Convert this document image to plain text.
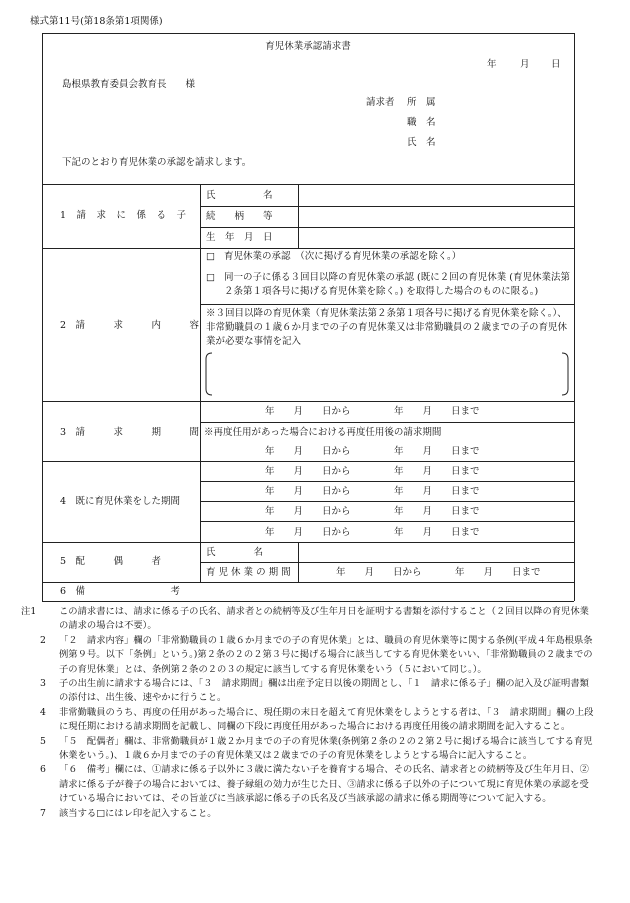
様式第11号(第18条第1項関係)
育児休業承認請求書
年 月 日
島根県教育委員会教育長　　様
請求者 所　属
職　名
氏　名
下記のとおり育児休業の承認を請求します。
1　請　求　に　係　る　子
氏　　　　　名
続　　柄　　等
生　年　月　日
2　請　　　求　　　内　　　容
□ 育児休業の承認　（次に掲げる育児休業の承認を除く。）
□ 同一の子に係る３回目以降の育児休業の承認 (既に２回の育児休業 (育児休業法第２条第１項各号に掲げる育児休業を除く。) を取得した場合のものに限る。)
※３回目以降の育児休業（育児休業法第２条第１項各号に掲げる育児休業を除く。）、非常勤職員の１歳６か月までの子の育児休業又は非常勤職員の２歳までの子の育児休業が必要な事情を記入
3　請　　　求　　　期　　　間
年　　月　　日から	年　　月　　日まで
※再度任用があった場合における再度任用後の請求期間
年　　月　　日から	年　　月　　日まで
4　既に育児休業をした期間
年　　月　　日から	年　　月　　日まで
年　　月　　日から	年　　月　　日まで
年　　月　　日から	年　　月　　日まで
年　　月　　日から	年　　月　　日まで
5　配　　　偶　　　者
氏　　　　名
育 児 休 業 の 期 間	年　　月　　日から	年　　月　　日まで
6　備　　　　　　　　　考
注1 この請求書には、請求に係る子の氏名、請求者との続柄等及び生年月日を証明する書類を添付すること（２回目以降の育児休業の請求の場合は不要）。
2 「２　請求内容」欄の「非常勤職員の１歳６か月までの子の育児休業」とは、職員の育児休業等に関する条例(平成４年島根県条例第９号。以下「条例」という。)第２条の２の２第３号に掲げる場合に該当してする育児休業をいい、「非常勤職員の２歳までの子の育児休業」とは、条例第２条の２の３の規定に該当してする育児休業をいう（５において同じ。）。
3 子の出生前に請求する場合には、「３　請求期間」欄は出産予定日以後の期間とし、「１　請求に係る子」欄の記入及び証明書類の添付は、出生後、速やかに行うこと。
4 非常勤職員のうち、再度の任用があった場合に、現任期の末日を超えて育児休業をしようとする者は、「３　請求期間」欄の上段に現任期における請求期間を記載し、同欄の下段に再度任用があった場合における再度任用後の請求期間を記入すること。
5 「５　配偶者」欄は、非常勤職員が１歳２か月までの子の育児休業(条例第２条の２の２第２号に掲げる場合に該当してする育児休業をいう。)、１歳６か月までの子の育児休業又は２歳までの子の育児休業をしようとする場合に記入すること。
6 「６　備考」欄には、①請求に係る子以外に３歳に満たない子を養育する場合、その氏名、請求者との続柄等及び生年月日、②請求に係る子が養子の場合においては、養子縁組の効力が生じた日、③請求に係る子以外の子について現に育児休業の承認を受けている場合においては、その旨並びに当該承認に係る子の氏名及び当該承認の請求に係る期間等について記入する。
7 該当する□にはレ印を記入すること。
